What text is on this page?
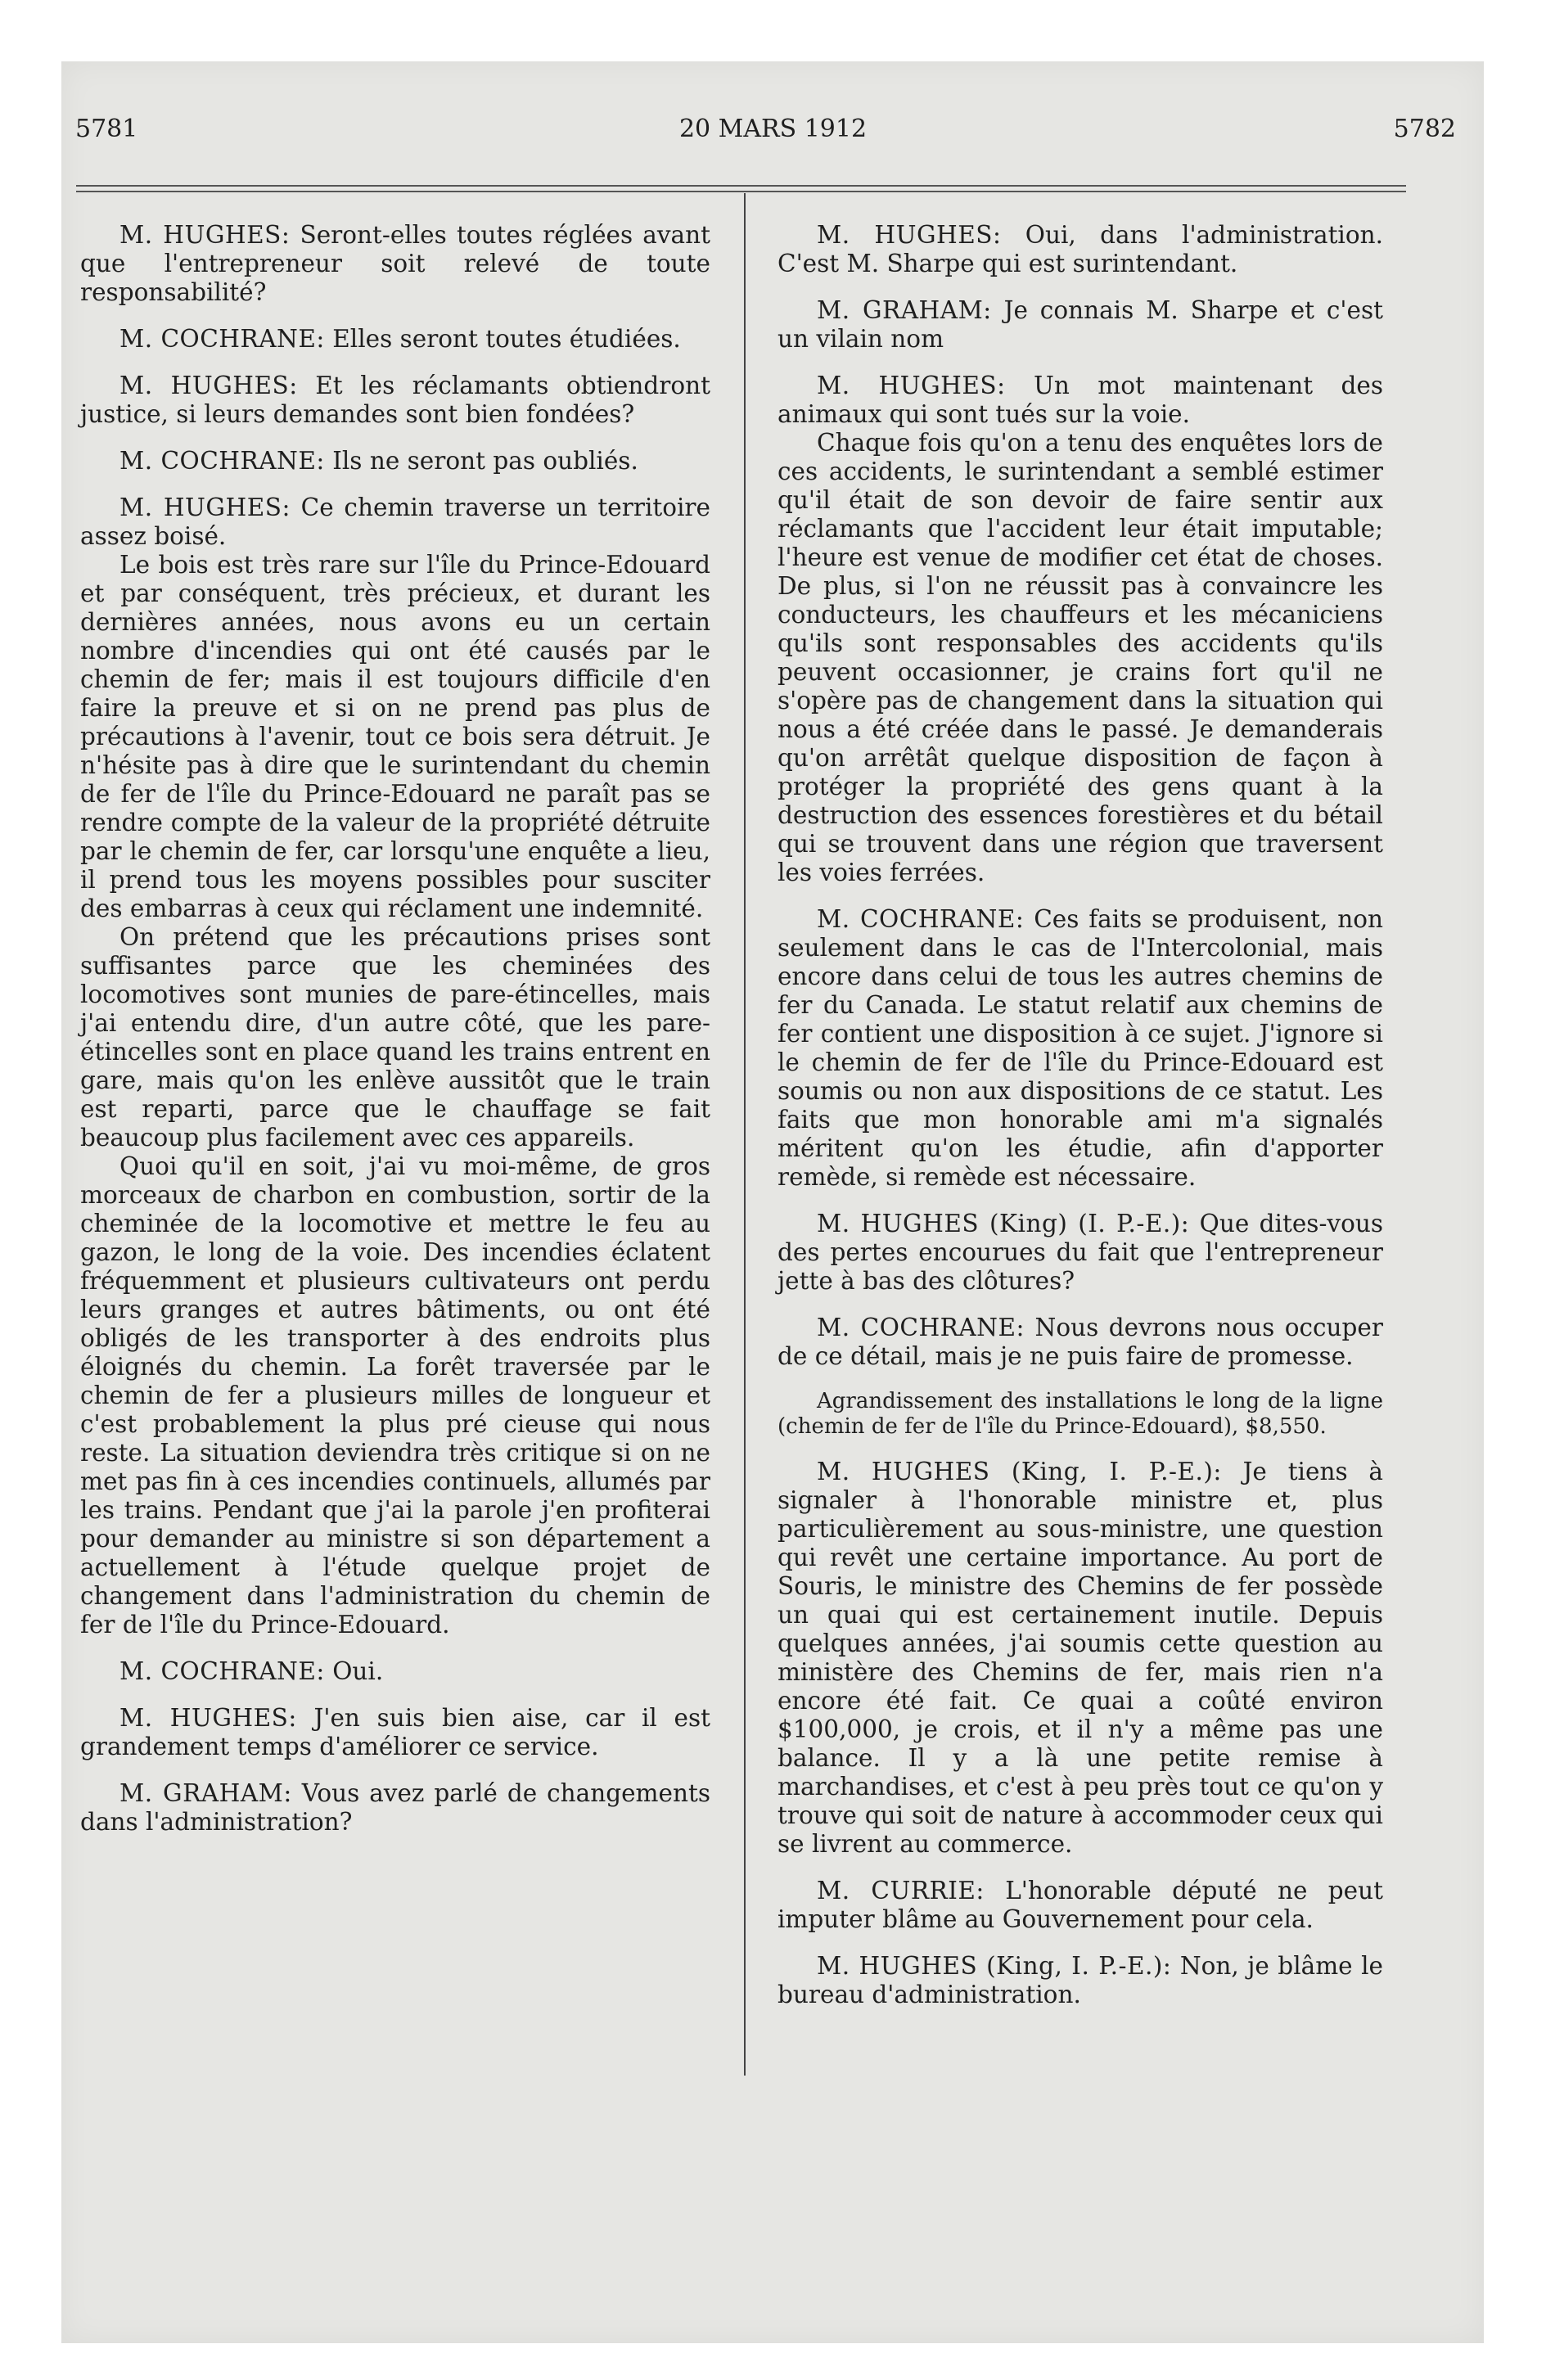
5781	20 MARS 1912	5782

M. HUGHES: Seront-elles toutes réglées avant que l'entrepreneur soit relevé de toute responsabilité?

M. COCHRANE: Elles seront toutes étudiées.

M. HUGHES: Et les réclamants obtiendront justice, si leurs demandes sont bien fondées?

M. COCHRANE: Ils ne seront pas oubliés.

M. HUGHES: Ce chemin traverse un territoire assez boisé.

Le bois est très rare sur l'île du Prince-Edouard et par conséquent, très précieux, et durant les dernières années, nous avons eu un certain nombre d'incendies qui ont été causés par le chemin de fer; mais il est toujours difficile d'en faire la preuve et si on ne prend pas plus de précautions à l'avenir, tout ce bois sera détruit. Je n'hésite pas à dire que le surintendant du chemin de fer de l'île du Prince-Edouard ne paraît pas se rendre compte de la valeur de la propriété détruite par le chemin de fer, car lorsqu'une enquête a lieu, il prend tous les moyens possibles pour susciter des embarras à ceux qui réclament une indemnité.

On prétend que les précautions prises sont suffisantes parce que les cheminées des locomotives sont munies de pare-étincelles, mais j'ai entendu dire, d'un autre côté, que les pare-étincelles sont en place quand les trains entrent en gare, mais qu'on les enlève aussitôt que le train est reparti, parce que le chauffage se fait beaucoup plus facilement avec ces appareils.

Quoi qu'il en soit, j'ai vu moi-même, de gros morceaux de charbon en combustion, sortir de la cheminée de la locomotive et mettre le feu au gazon, le long de la voie. Des incendies éclatent fréquemment et plusieurs cultivateurs ont perdu leurs granges et autres bâtiments, ou ont été obligés de les transporter à des endroits plus éloignés du chemin. La forêt traversée par le chemin de fer a plusieurs milles de longueur et c'est probablement la plus pré cieuse qui nous reste. La situation deviendra très critique si on ne met pas fin à ces incendies continuels, allumés par les trains. Pendant que j'ai la parole j'en profiterai pour demander au ministre si son département a actuellement à l'étude quelque projet de changement dans l'administration du chemin de fer de l'île du Prince-Edouard.

M. COCHRANE: Oui.

M. HUGHES: J'en suis bien aise, car il est grandement temps d'améliorer ce service.

M. GRAHAM: Vous avez parlé de changements dans l'administration?

M. HUGHES: Oui, dans l'administration. C'est M. Sharpe qui est surintendant.

M. GRAHAM: Je connais M. Sharpe et c'est un vilain nom

M. HUGHES: Un mot maintenant des animaux qui sont tués sur la voie.

Chaque fois qu'on a tenu des enquêtes lors de ces accidents, le surintendant a semblé estimer qu'il était de son devoir de faire sentir aux réclamants que l'accident leur était imputable; l'heure est venue de modifier cet état de choses. De plus, si l'on ne réussit pas à convaincre les conducteurs, les chauffeurs et les mécaniciens qu'ils sont responsables des accidents qu'ils peuvent occasionner, je crains fort qu'il ne s'opère pas de changement dans la situation qui nous a été créée dans le passé. Je demanderais qu'on arrêtât quelque disposition de façon à protéger la propriété des gens quant à la destruction des essences forestières et du bétail qui se trouvent dans une région que traversent les voies ferrées.

M. COCHRANE: Ces faits se produisent, non seulement dans le cas de l'Intercolonial, mais encore dans celui de tous les autres chemins de fer du Canada. Le statut relatif aux chemins de fer contient une disposition à ce sujet. J'ignore si le chemin de fer de l'île du Prince-Edouard est soumis ou non aux dispositions de ce statut. Les faits que mon honorable ami m'a signalés méritent qu'on les étudie, afin d'apporter remède, si remède est nécessaire.

M. HUGHES (King) (I. P.-E.): Que dites-vous des pertes encourues du fait que l'entrepreneur jette à bas des clôtures?

M. COCHRANE: Nous devrons nous occuper de ce détail, mais je ne puis faire de promesse.

Agrandissement des installations le long de la ligne (chemin de fer de l'île du Prince-Edouard), $8,550.

M. HUGHES (King, I. P.-E.): Je tiens à signaler à l'honorable ministre et, plus particulièrement au sous-ministre, une question qui revêt une certaine importance. Au port de Souris, le ministre des Chemins de fer possède un quai qui est certainement inutile. Depuis quelques années, j'ai soumis cette question au ministère des Chemins de fer, mais rien n'a encore été fait. Ce quai a coûté environ $100,000, je crois, et il n'y a même pas une balance. Il y a là une petite remise à marchandises, et c'est à peu près tout ce qu'on y trouve qui soit de nature à accommoder ceux qui se livrent au commerce.

M. CURRIE: L'honorable député ne peut imputer blâme au Gouvernement pour cela.

M. HUGHES (King, I. P.-E.): Non, je blâme le bureau d'administration.
